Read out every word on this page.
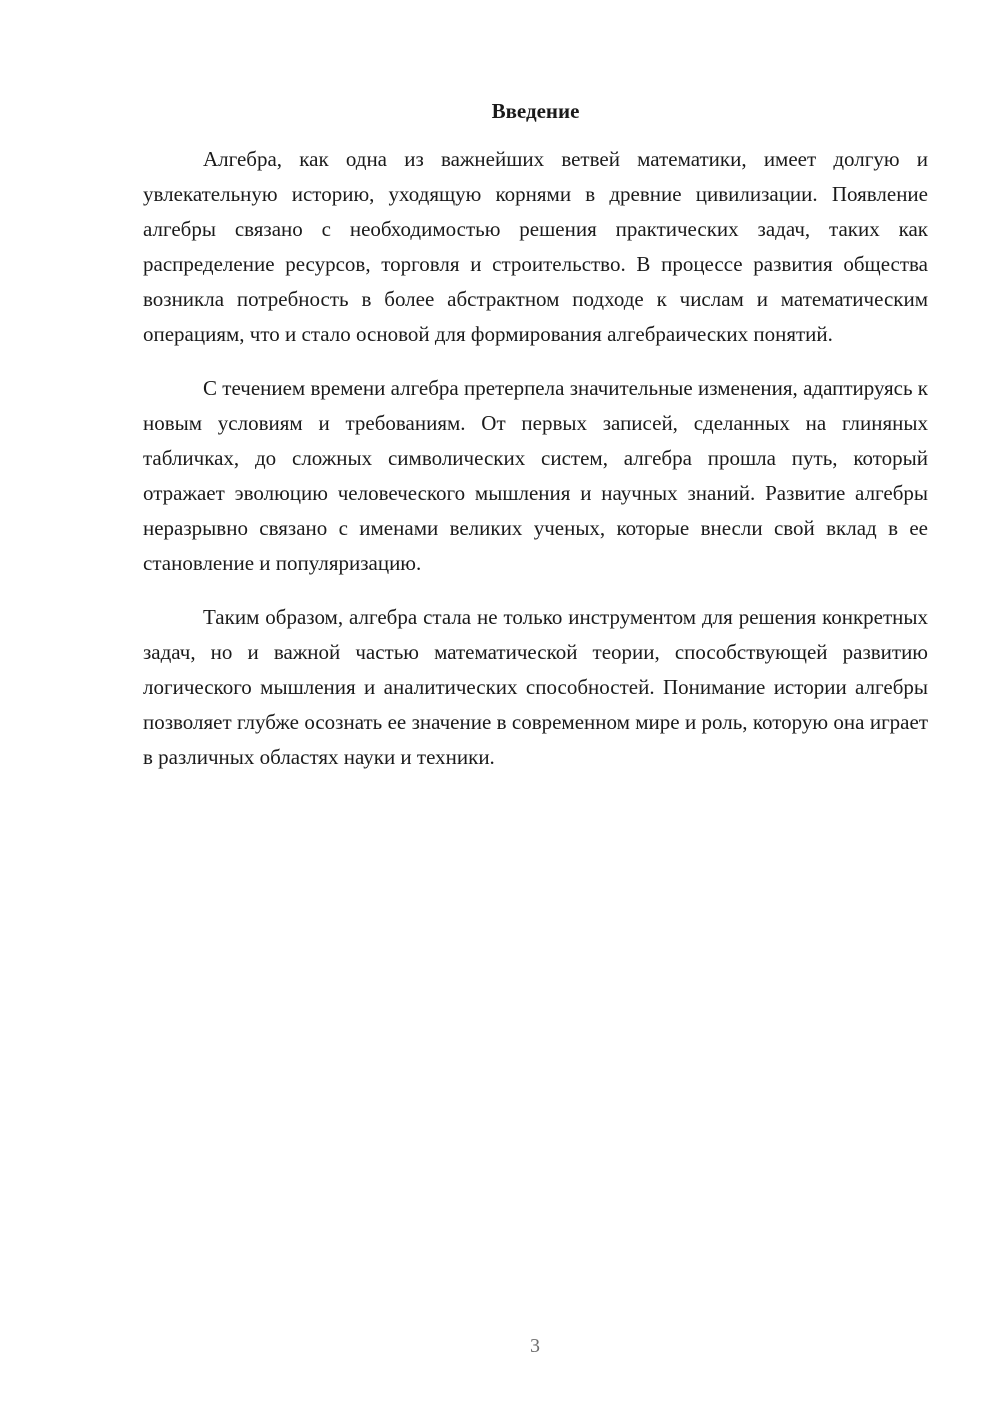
Введение

Алгебра, как одна из важнейших ветвей математики, имеет долгую и увлекательную историю, уходящую корнями в древние цивилизации. Появление алгебры связано с необходимостью решения практических задач, таких как распределение ресурсов, торговля и строительство. В процессе развития общества возникла потребность в более абстрактном подходе к числам и математическим операциям, что и стало основой для формирования алгебраических понятий.

С течением времени алгебра претерпела значительные изменения, адаптируясь к новым условиям и требованиям. От первых записей, сделанных на глиняных табличках, до сложных символических систем, алгебра прошла путь, который отражает эволюцию человеческого мышления и научных знаний. Развитие алгебры неразрывно связано с именами великих ученых, которые внесли свой вклад в ее становление и популяризацию.

Таким образом, алгебра стала не только инструментом для решения конкретных задач, но и важной частью математической теории, способствующей развитию логического мышления и аналитических способностей. Понимание истории алгебры позволяет глубже осознать ее значение в современном мире и роль, которую она играет в различных областях науки и техники.

3
